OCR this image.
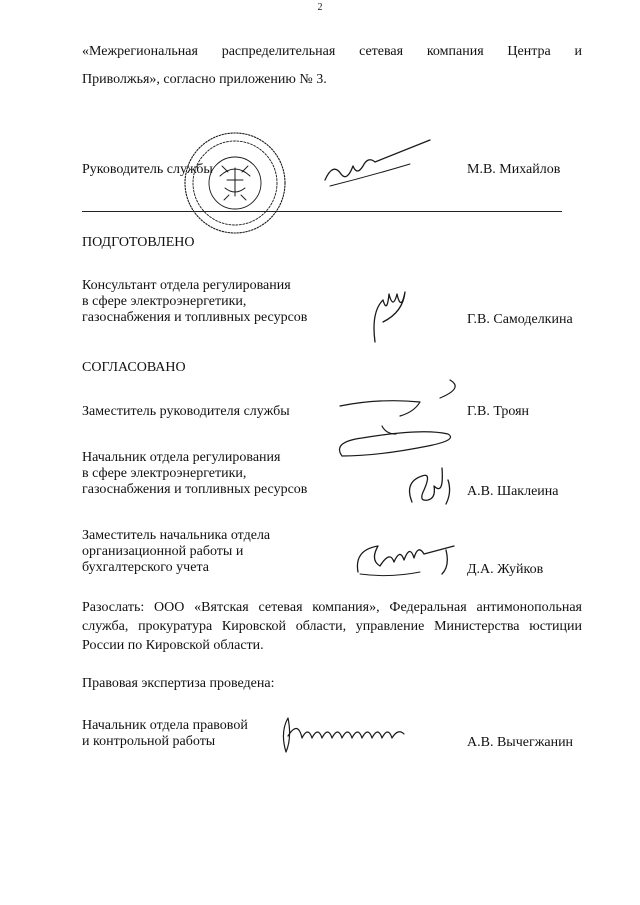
2
«Межрегиональная распределительная сетевая компания Центра и
Приволжья», согласно приложению № 3.
Руководитель службы	М.В. Михайлов
ПОДГОТОВЛЕНО
Консультант отдела регулирования
в сфере электроэнергетики,
газоснабжения и топливных ресурсов	Г.В. Самоделкина
СОГЛАСОВАНО
Заместитель руководителя службы	Г.В. Троян
Начальник отдела регулирования
в сфере электроэнергетики,
газоснабжения и топливных ресурсов	А.В. Шаклеина
Заместитель начальника отдела
организационной работы и
бухгалтерского учета	Д.А. Жуйков
Разослать: ООО «Вятская сетевая компания», Федеральная антимонопольная служба, прокуратура Кировской области, управление Министерства юстиции России по Кировской области.
Правовая экспертиза проведена:
Начальник отдела правовой
и контрольной работы	А.В. Вычегжанин
